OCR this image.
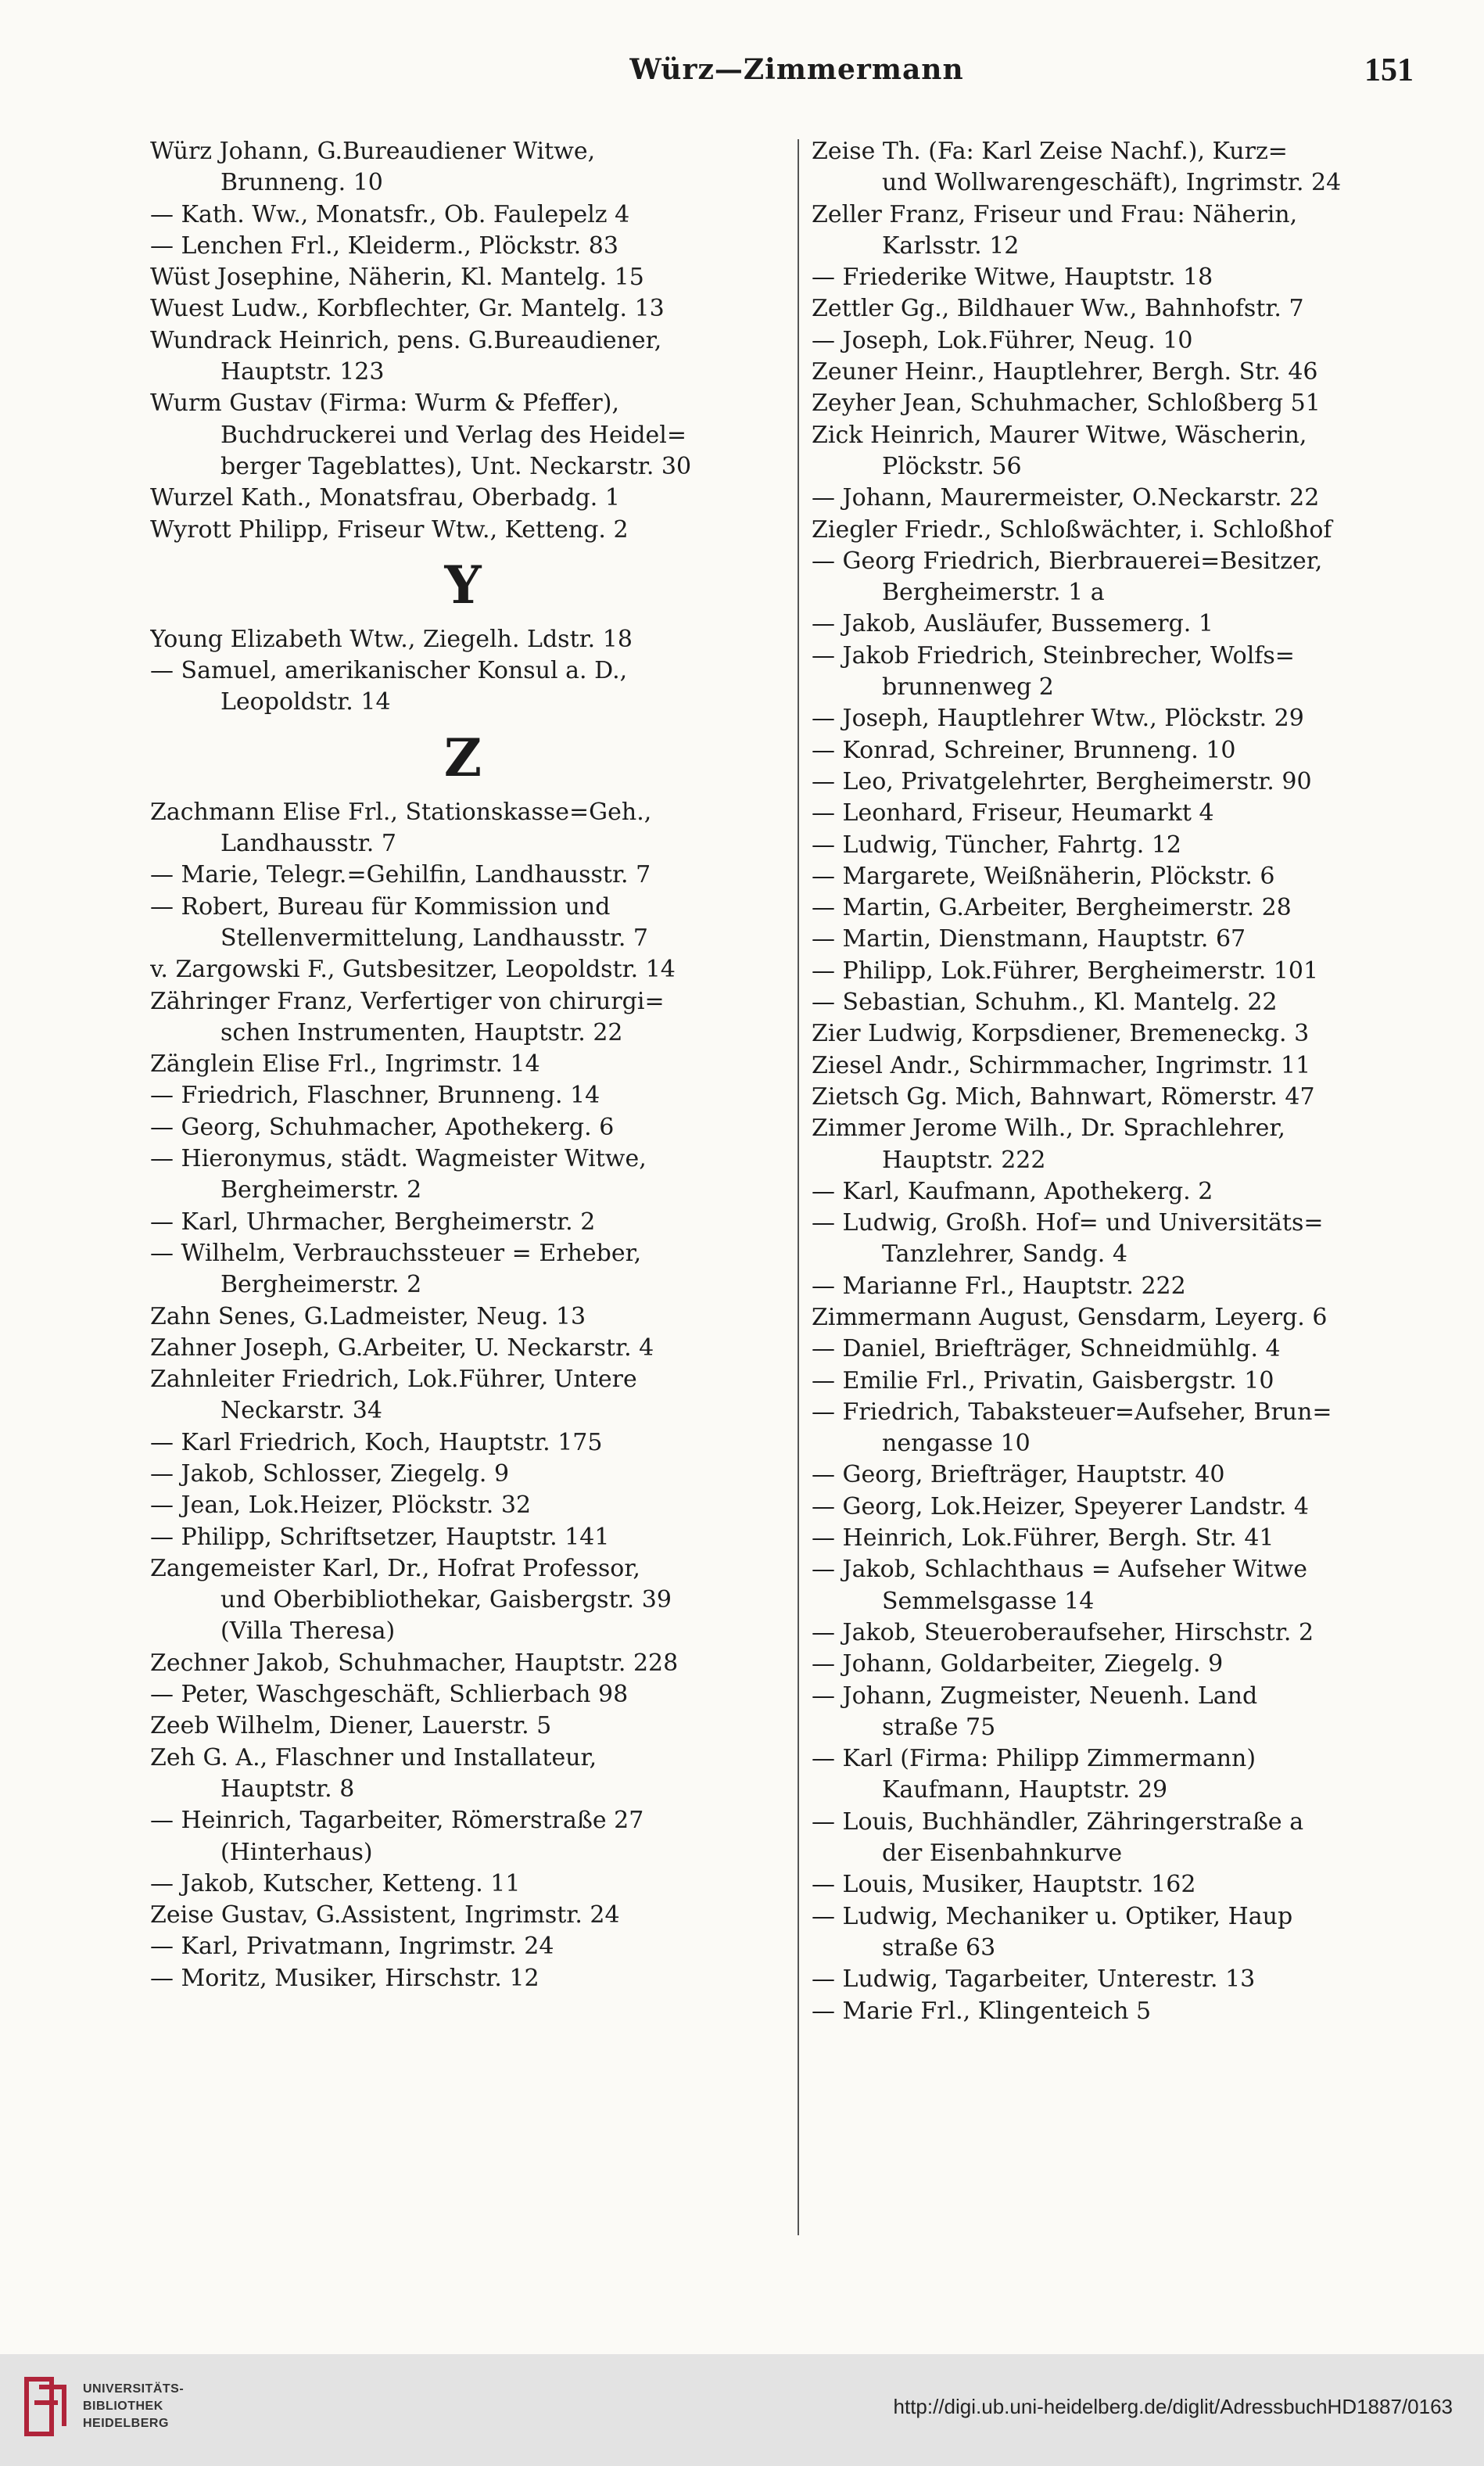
Würz—Zimmermann	151
Würz Johann, G.Bureaudiener Witwe,
Brunneng. 10
— Kath. Ww., Monatsfr., Ob. Faulepelz 4
— Lenchen Frl., Kleiderm., Plöckstr. 83
Wüst Josephine, Näherin, Kl. Mantelg. 15
Wuest Ludw., Korbflechter, Gr. Mantelg. 13
Wundrack Heinrich, pens. G.Bureaudiener,
Hauptstr. 123
Wurm Gustav (Firma: Wurm & Pfeffer),
Buchdruckerei und Verlag des Heidel=
berger Tageblattes), Unt. Neckarstr. 30
Wurzel Kath., Monatsfrau, Oberbadg. 1
Wyrott Philipp, Friseur Wtw., Ketteng. 2
Y
Young Elizabeth Wtw., Ziegelh. Ldstr. 18
— Samuel, amerikanischer Konsul a. D.,
Leopoldstr. 14
Z
Zachmann Elise Frl., Stationskasse=Geh.,
Landhausstr. 7
— Marie, Telegr.=Gehilfin, Landhausstr. 7
— Robert, Bureau für Kommission und
Stellenvermittelung, Landhausstr. 7
v. Zargowski F., Gutsbesitzer, Leopoldstr. 14
Zähringer Franz, Verfertiger von chirurgi=
schen Instrumenten, Hauptstr. 22
Zänglein Elise Frl., Ingrimstr. 14
— Friedrich, Flaschner, Brunneng. 14
— Georg, Schuhmacher, Apothekerg. 6
— Hieronymus, städt. Wagmeister Witwe,
Bergheimerstr. 2
— Karl, Uhrmacher, Bergheimerstr. 2
— Wilhelm, Verbrauchssteuer = Erheber,
Bergheimerstr. 2
Zahn Senes, G.Ladmeister, Neug. 13
Zahner Joseph, G.Arbeiter, U. Neckarstr. 4
Zahnleiter Friedrich, Lok.Führer, Untere
Neckarstr. 34
— Karl Friedrich, Koch, Hauptstr. 175
— Jakob, Schlosser, Ziegelg. 9
— Jean, Lok.Heizer, Plöckstr. 32
— Philipp, Schriftsetzer, Hauptstr. 141
Zangemeister Karl, Dr., Hofrat Professor,
und Oberbibliothekar, Gaisbergstr. 39
(Villa Theresa)
Zechner Jakob, Schuhmacher, Hauptstr. 228
— Peter, Waschgeschäft, Schlierbach 98
Zeeb Wilhelm, Diener, Lauerstr. 5
Zeh G. A., Flaschner und Installateur,
Hauptstr. 8
— Heinrich, Tagarbeiter, Römerstraße 27
(Hinterhaus)
— Jakob, Kutscher, Ketteng. 11
Zeise Gustav, G.Assistent, Ingrimstr. 24
— Karl, Privatmann, Ingrimstr. 24
— Moritz, Musiker, Hirschstr. 12
Zeise Th. (Fa: Karl Zeise Nachf.), Kurz=
und Wollwarengeschäft), Ingrimstr. 24
Zeller Franz, Friseur und Frau: Näherin,
Karlsstr. 12
— Friederike Witwe, Hauptstr. 18
Zettler Gg., Bildhauer Ww., Bahnhofstr. 7
— Joseph, Lok.Führer, Neug. 10
Zeuner Heinr., Hauptlehrer, Bergh. Str. 46
Zeyher Jean, Schuhmacher, Schloßberg 51
Zick Heinrich, Maurer Witwe, Wäscherin,
Plöckstr. 56
— Johann, Maurermeister, O.Neckarstr. 22
Ziegler Friedr., Schloßwächter, i. Schloßhof
— Georg Friedrich, Bierbrauerei=Besitzer,
Bergheimerstr. 1 a
— Jakob, Ausläufer, Bussemerg. 1
— Jakob Friedrich, Steinbrecher, Wolfs=
brunnenweg 2
— Joseph, Hauptlehrer Wtw., Plöckstr. 29
— Konrad, Schreiner, Brunneng. 10
— Leo, Privatgelehrter, Bergheimerstr. 90
— Leonhard, Friseur, Heumarkt 4
— Ludwig, Tüncher, Fahrtg. 12
— Margarete, Weißnäherin, Plöckstr. 6
— Martin, G.Arbeiter, Bergheimerstr. 28
— Martin, Dienstmann, Hauptstr. 67
— Philipp, Lok.Führer, Bergheimerstr. 101
— Sebastian, Schuhm., Kl. Mantelg. 22
Zier Ludwig, Korpsdiener, Bremeneckg. 3
Ziesel Andr., Schirmmacher, Ingrimstr. 11
Zietsch Gg. Mich, Bahnwart, Römerstr. 47
Zimmer Jerome Wilh., Dr. Sprachlehrer,
Hauptstr. 222
— Karl, Kaufmann, Apothekerg. 2
— Ludwig, Großh. Hof= und Universitäts=
Tanzlehrer, Sandg. 4
— Marianne Frl., Hauptstr. 222
Zimmermann August, Gensdarm, Leyerg. 6
— Daniel, Briefträger, Schneidmühlg. 4
— Emilie Frl., Privatin, Gaisbergstr. 10
— Friedrich, Tabaksteuer=Aufseher, Brun=
nengasse 10
— Georg, Briefträger, Hauptstr. 40
— Georg, Lok.Heizer, Speyerer Landstr. 4
— Heinrich, Lok.Führer, Bergh. Str. 41
— Jakob, Schlachthaus = Aufseher Witwe
Semmelsgasse 14
— Jakob, Steueroberaufseher, Hirschstr. 2
— Johann, Goldarbeiter, Ziegelg. 9
— Johann, Zugmeister, Neuenh. Land
straße 75
— Karl (Firma: Philipp Zimmermann)
Kaufmann, Hauptstr. 29
— Louis, Buchhändler, Zähringerstraße a
der Eisenbahnkurve
— Louis, Musiker, Hauptstr. 162
— Ludwig, Mechaniker u. Optiker, Haup
straße 63
— Ludwig, Tagarbeiter, Unterestr. 13
— Marie Frl., Klingenteich 5
UNIVERSITÄTS-
BIBLIOTHEK
HEIDELBERG
http://digi.ub.uni-heidelberg.de/diglit/AdressbuchHD1887/0163
